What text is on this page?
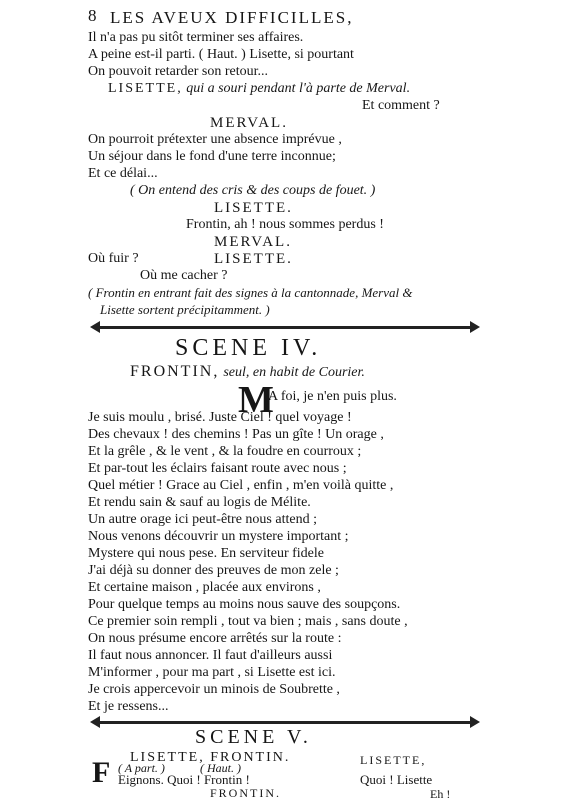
8 LES AVEUX DIFFICILLES,
Il n'a pas pu sitôt terminer ses affaires.
A peine est-il parti. ( Haut. ) Lisette, si pourtant
On pouvoit retarder son retour...
LISETTE, qui a souri pendant l'à parte de Merval.
Et comment ?
MERVAL.
On pourroit prétexter une absence imprévue ,
Un séjour dans le fond d'une terre inconnue;
Et ce délai...
( On entend des cris & des coups de fouet. )
LISETTE.
Frontin, ah ! nous sommes perdus !
MERVAL.
Où fuir ?	LISETTE.
Où me cacher ?
( Frontin en entrant fait des signes à la cantonnade, Merval &
Lisette sortent précipitamment. )
SCENE IV.
FRONTIN, seul, en habit de Courier.
M
A foi, je n'en puis plus.
Je suis moulu , brisé. Juste Ciel ! quel voyage !
Des chevaux ! des chemins ! Pas un gîte ! Un orage ,
Et la grêle , & le vent , & la foudre en courroux ;
Et par-tout les éclairs faisant route avec nous ;
Quel métier ! Grace au Ciel , enfin , m'en voilà quitte ,
Et rendu sain & sauf au logis de Mélite.
Un autre orage ici peut-être nous attend ;
Nous venons découvrir un mystere important ;
Mystere qui nous pese. En serviteur fidele
J'ai déjà su donner des preuves de mon zele ;
Et certaine maison , placée aux environs ,
Pour quelque temps au moins nous sauve des soupçons.
Ce premier soin rempli , tout va bien ; mais , sans doute ,
On nous présume encore arrêtés sur la route :
Il faut nous annoncer. Il faut d'ailleurs aussi
M'informer , pour ma part , si Lisette est ici.
Je crois appercevoir un minois de Soubrette ,
Et je ressens...
SCENE V.
LISETTE, FRONTIN.	LISETTE,
F ( A part. )	( Haut. )
Eignons. Quoi ! Frontin !
FRONTIN.
Quoi ! Lisette
Eh !
